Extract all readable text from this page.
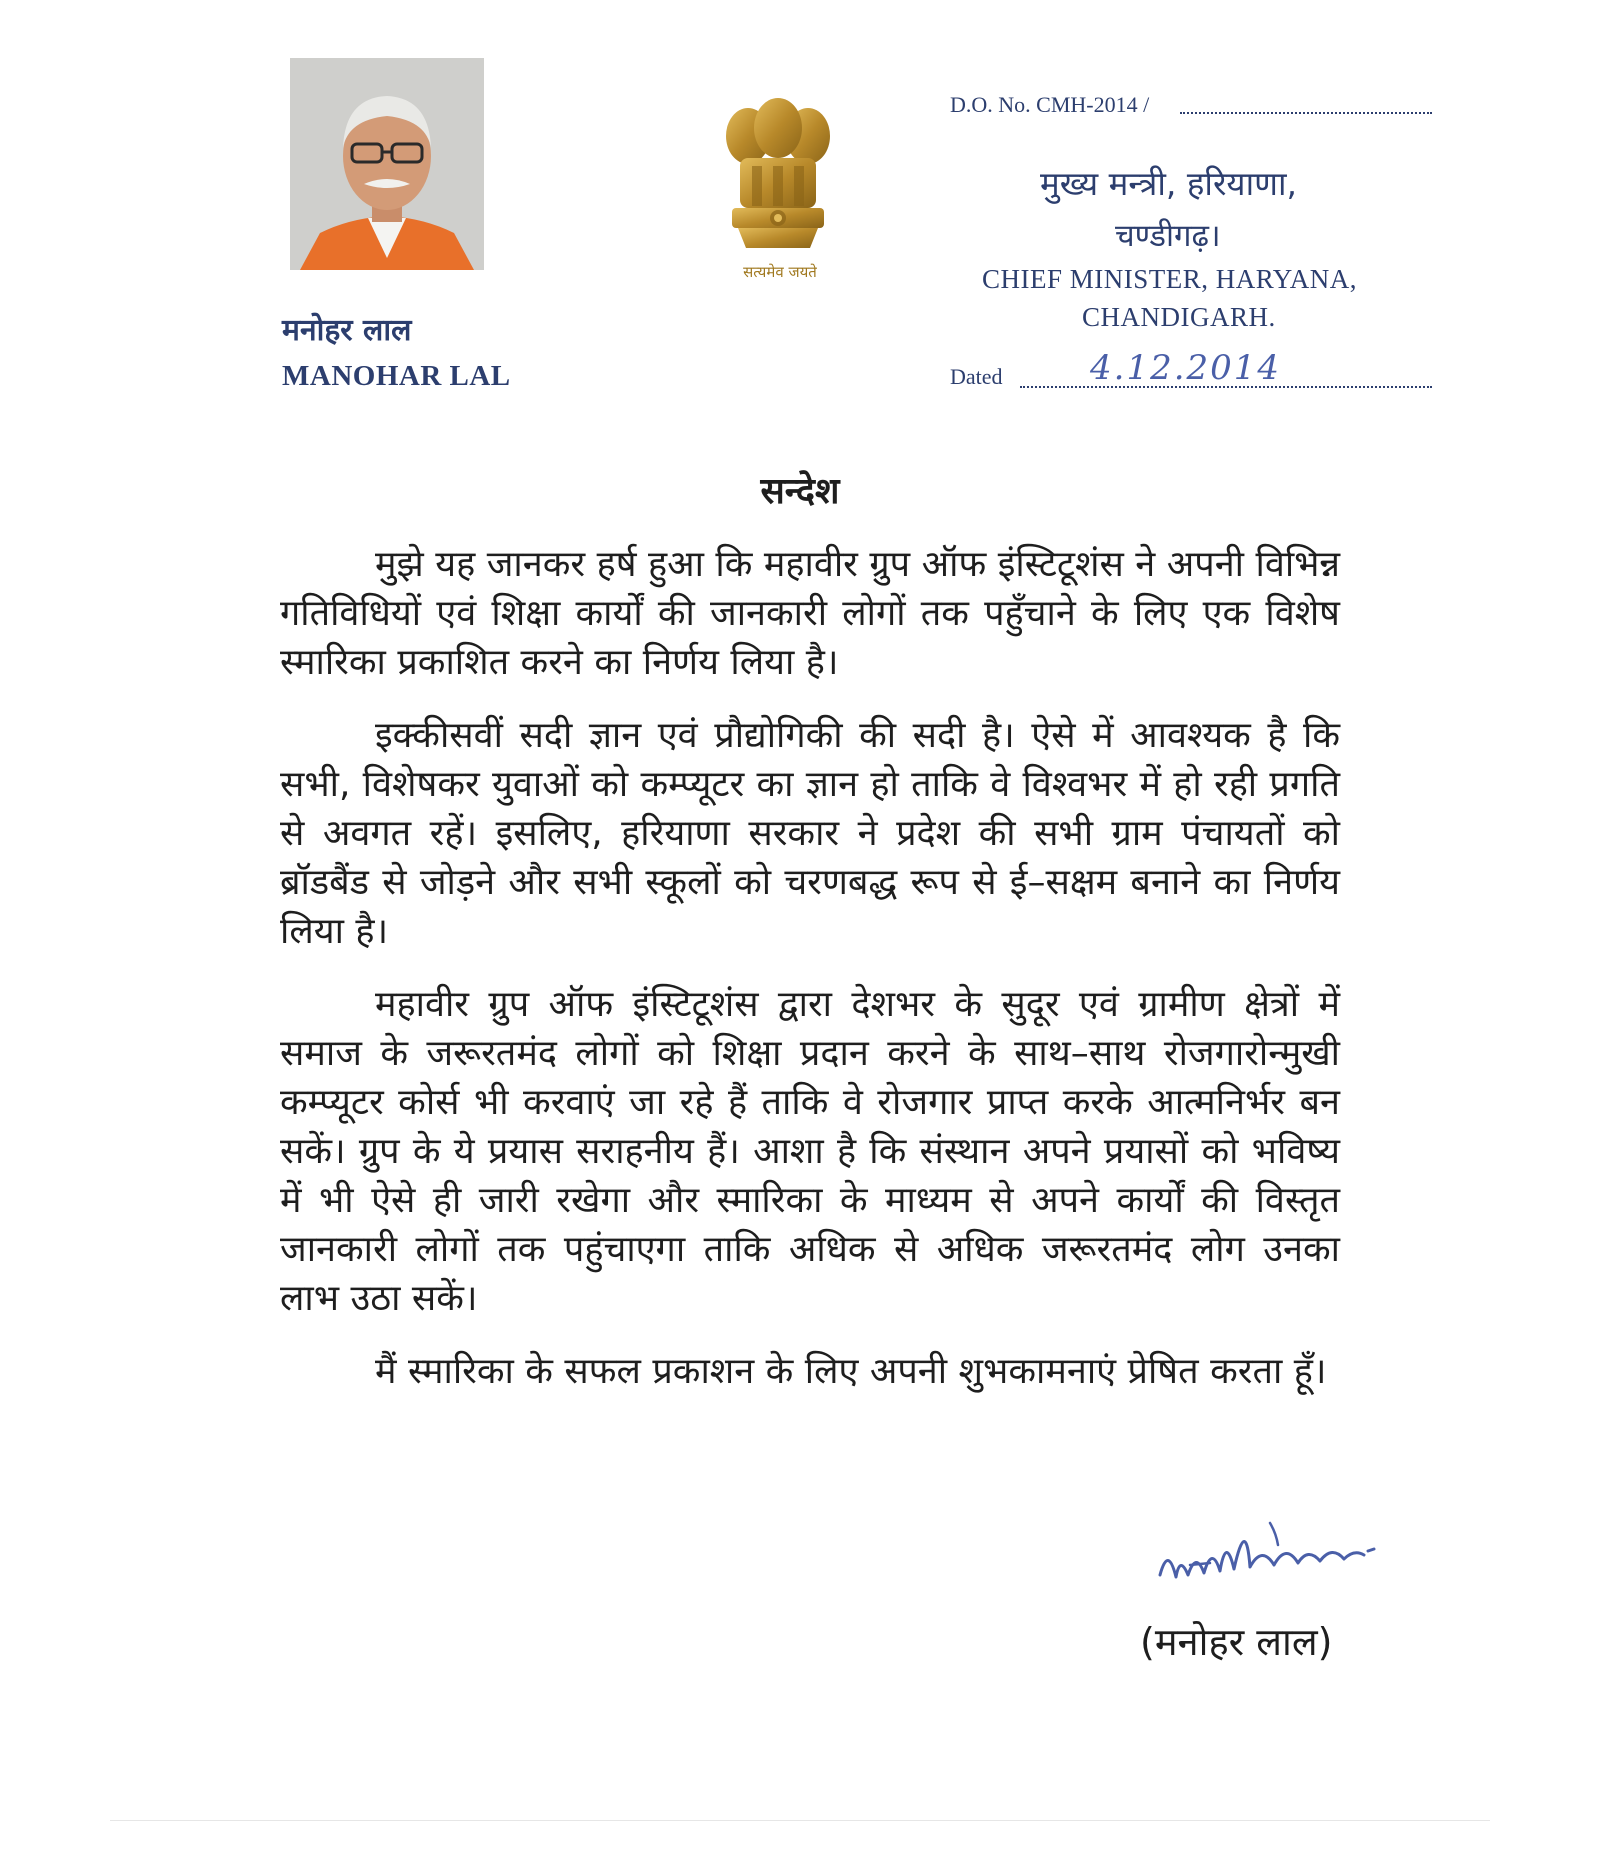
मनोहर लाल
MANOHAR LAL
सत्यमेव जयते
D.O. No. CMH-2014 /
मुख्य मन्त्री, हरियाणा,
चण्डीगढ़।
CHIEF MINISTER, HARYANA,
CHANDIGARH.
Dated	4.12.2014
सन्देश

मुझे यह जानकर हर्ष हुआ कि महावीर ग्रुप ऑफ इंस्टिटूशंस ने अपनी विभिन्न गतिविधियों एवं शिक्षा कार्यों की जानकारी लोगों तक पहुँचाने के लिए एक विशेष स्मारिका प्रकाशित करने का निर्णय लिया है।

इक्कीसवीं सदी ज्ञान एवं प्रौद्योगिकी की सदी है। ऐसे में आवश्यक है कि सभी, विशेषकर युवाओं को कम्प्यूटर का ज्ञान हो ताकि वे विश्वभर में हो रही प्रगति से अवगत रहें। इसलिए, हरियाणा सरकार ने प्रदेश की सभी ग्राम पंचायतों को ब्रॉडबैंड से जोड़ने और सभी स्कूलों को चरणबद्ध रूप से ई–सक्षम बनाने का निर्णय लिया है।

महावीर ग्रुप ऑफ इंस्टिटूशंस द्वारा देशभर के सुदूर एवं ग्रामीण क्षेत्रों में समाज के जरूरतमंद लोगों को शिक्षा प्रदान करने के साथ–साथ रोजगारोन्मुखी कम्प्यूटर कोर्स भी करवाएं जा रहे हैं ताकि वे रोजगार प्राप्त करके आत्मनिर्भर बन सकें। ग्रुप के ये प्रयास सराहनीय हैं। आशा है कि संस्थान अपने प्रयासों को भविष्य में भी ऐसे ही जारी रखेगा और स्मारिका के माध्यम से अपने कार्यों की विस्तृत जानकारी लोगों तक पहुंचाएगा ताकि अधिक से अधिक जरूरतमंद लोग उनका लाभ उठा सकें।

मैं स्मारिका के सफल प्रकाशन के लिए अपनी शुभकामनाएं प्रेषित करता हूँ।

(मनोहर लाल)
